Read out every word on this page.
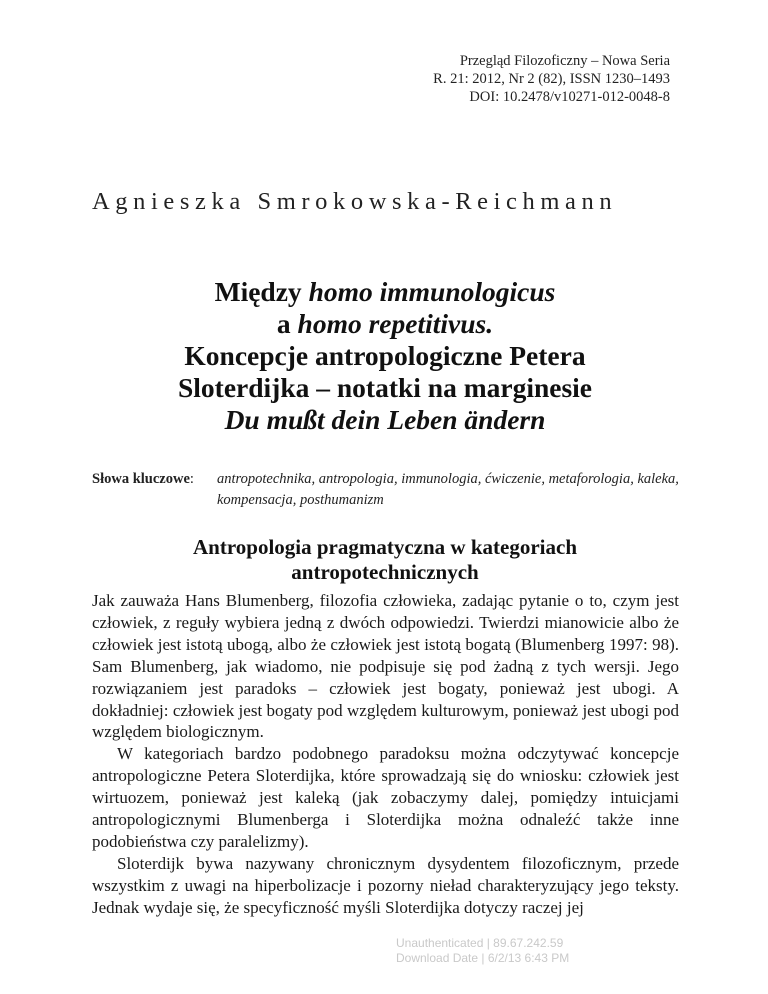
Przegląd Filozoficzny – Nowa Seria
R. 21: 2012, Nr 2 (82), ISSN 1230–1493
DOI: 10.2478/v10271-012-0048-8
Agnieszka Smrokowska-Reichmann
Między homo immunologicus
a homo repetitivus.
Koncepcje antropologiczne Petera
Sloterdijka – notatki na marginesie
Du mußt dein Leben ändern
Słowa kluczowe: antropotechnika, antropologia, immunologia, ćwiczenie, metaforologia, kaleka, kompensacja, posthumanizm
Antropologia pragmatyczna w kategoriach antropotechnicznych

Jak zauważa Hans Blumenberg, filozofia człowieka, zadając pytanie o to, czym jest człowiek, z reguły wybiera jedną z dwóch odpowiedzi. Twierdzi mianowicie albo że człowiek jest istotą ubogą, albo że człowiek jest istotą bogatą (Blumenberg 1997: 98). Sam Blumenberg, jak wiadomo, nie podpisuje się pod żadną z tych wersji. Jego rozwiązaniem jest paradoks – człowiek jest bogaty, ponieważ jest ubogi. A dokładniej: człowiek jest bogaty pod względem kulturowym, ponieważ jest ubogi pod względem biologicznym.

W kategoriach bardzo podobnego paradoksu można odczytywać koncepcje antropologiczne Petera Sloterdijka, które sprowadzają się do wniosku: człowiek jest wirtuozem, ponieważ jest kaleką (jak zobaczymy dalej, pomiędzy intuicjami antropologicznymi Blumenberga i Sloterdijka można odnaleźć także inne podobieństwa czy paralelizmy).

Sloterdijk bywa nazywany chronicznym dysydentem filozoficznym, przede wszystkim z uwagi na hiperbolizacje i pozorny nieład charakteryzujący jego teksty. Jednak wydaje się, że specyficzność myśli Sloterdijka dotyczy raczej jej

Unauthenticated | 89.67.242.59
Download Date | 6/2/13 6:43 PM
